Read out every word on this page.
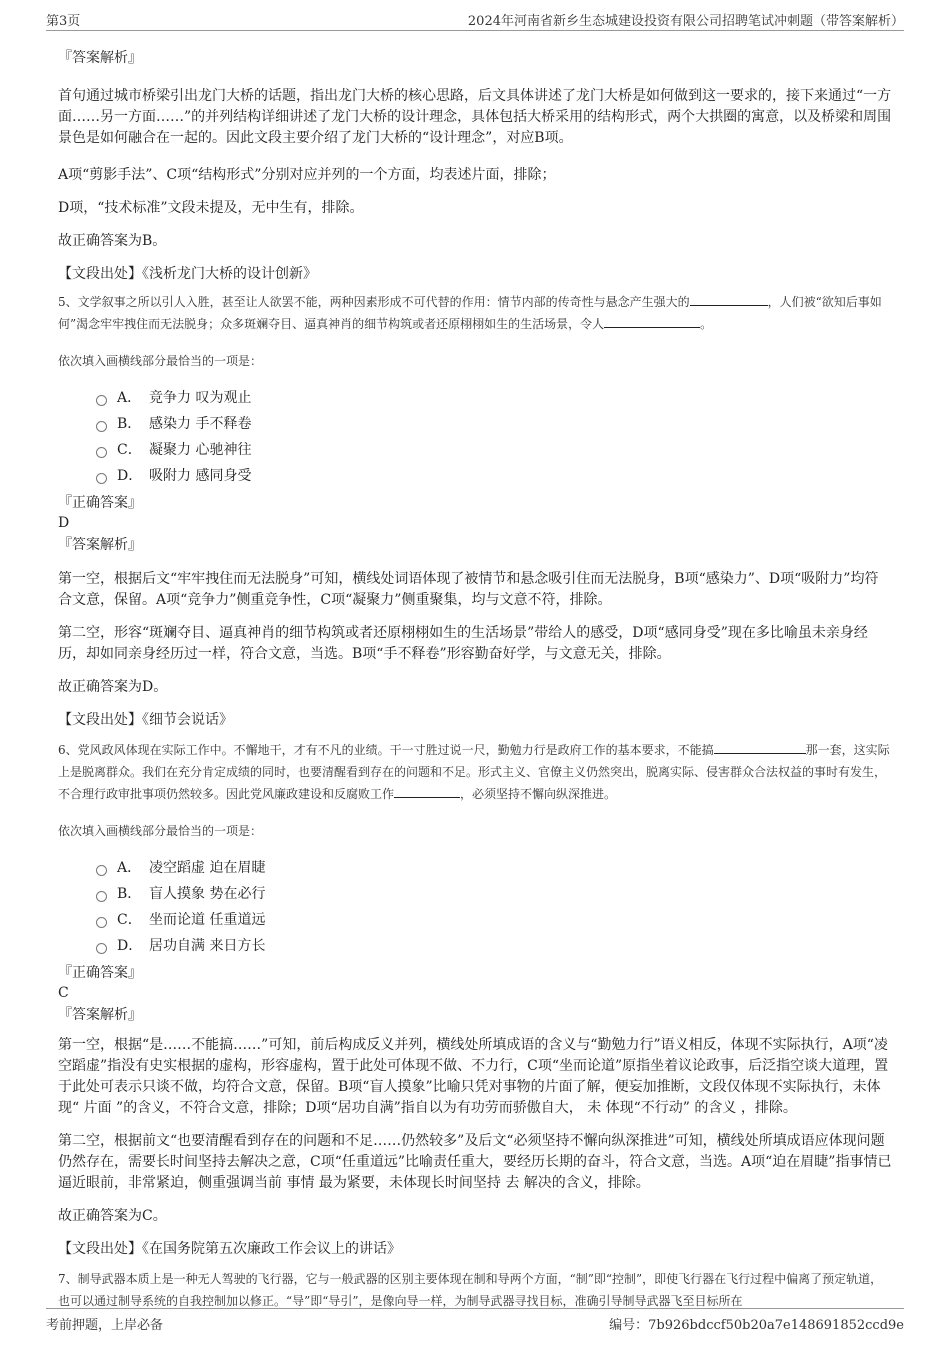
第3页	2024年河南省新乡生态城建设投资有限公司招聘笔试冲刺题（带答案解析）
『答案解析』

首句通过城市桥梁引出龙门大桥的话题，指出龙门大桥的核心思路，后文具体讲述了龙门大桥是如何做到这一要求的，接下来通过“一方面……另一方面……”的并列结构详细讲述了龙门大桥的设计理念，具体包括大桥采用的结构形式，两个大拱圈的寓意，以及桥梁和周围景色是如何融合在一起的。因此文段主要介绍了龙门大桥的“设计理念”，对应B项。

A项“剪影手法”、C项“结构形式”分别对应并列的一个方面，均表述片面，排除；

D项，“技术标准”文段未提及，无中生有，排除。

故正确答案为B。

【文段出处】《浅析龙门大桥的设计创新》

5、文学叙事之所以引人入胜，甚至让人欲罢不能，两种因素形成不可代替的作用：情节内部的传奇性与悬念产生强大的	，人们被“欲知后事如何”渴念牢牢拽住而无法脱身；众多斑斓夺目、逼真神肖的细节构筑或者还原栩栩如生的生活场景，令人	。

依次填入画横线部分最恰当的一项是：

A． 竞争力 叹为观止
B． 感染力 手不释卷
C． 凝聚力 心驰神往
D． 吸附力 感同身受
『正确答案』
D
『答案解析』

第一空，根据后文“牢牢拽住而无法脱身”可知，横线处词语体现了被情节和悬念吸引住而无法脱身，B项“感染力”、D项“吸附力”均符合文意，保留。A项“竞争力”侧重竞争性，C项“凝聚力”侧重聚集，均与文意不符，排除。

第二空，形容“斑斓夺目、逼真神肖的细节构筑或者还原栩栩如生的生活场景”带给人的感受，D项“感同身受”现在多比喻虽未亲身经历，却如同亲身经历过一样，符合文意，当选。B项“手不释卷”形容勤奋好学，与文意无关，排除。

故正确答案为D。

【文段出处】《细节会说话》

6、党风政风体现在实际工作中。不懈地干，才有不凡的业绩。干一寸胜过说一尺，勤勉力行是政府工作的基本要求，不能搞	那一套，这实际上是脱离群众。我们在充分肯定成绩的同时，也要清醒看到存在的问题和不足。形式主义、官僚主义仍然突出，脱离实际、侵害群众合法权益的事时有发生，不合理行政审批事项仍然较多。因此党风廉政建设和反腐败工作	，必须坚持不懈向纵深推进。

依次填入画横线部分最恰当的一项是：

A． 凌空蹈虚 迫在眉睫
B． 盲人摸象 势在必行
C． 坐而论道 任重道远
D． 居功自满 来日方长
『正确答案』
C
『答案解析』

第一空，根据“是……不能搞……”可知，前后构成反义并列，横线处所填成语的含义与“勤勉力行”语义相反，体现不实际执行，A项“凌空蹈虚”指没有史实根据的虚构，形容虚构，置于此处可体现不做、不力行，C项“坐而论道”原指坐着议论政事，后泛指空谈大道理，置于此处可表示只谈不做，均符合文意，保留。B项“盲人摸象”比喻只凭对事物的片面了解，便妄加推断，文段仅体现不实际执行，未体现“ 片面 ”的含义，不符合文意，排除；D项“居功自满”指自以为有功劳而骄傲自大， 未 体现“不行动” 的含义 ，排除。

第二空，根据前文“也要清醒看到存在的问题和不足……仍然较多”及后文“必须坚持不懈向纵深推进”可知，横线处所填成语应体现问题仍然存在，需要长时间坚持去解决之意，C项“任重道远”比喻责任重大，要经历长期的奋斗，符合文意，当选。A项“迫在眉睫”指事情已逼近眼前，非常紧迫，侧重强调当前 事情 最为紧要，未体现长时间坚持 去 解决的含义，排除。

故正确答案为C。

【文段出处】《在国务院第五次廉政工作会议上的讲话》

7、制导武器本质上是一种无人驾驶的飞行器，它与一般武器的区别主要体现在制和导两个方面，“制”即“控制”，即使飞行器在飞行过程中偏离了预定轨道，也可以通过制导系统的自我控制加以修正。“导”即“导引”，是像向导一样，为制导武器寻找目标，准确引导制导武器飞至目标所在

考前押题，上岸必备	编号：7b926bdccf50b20a7e148691852ccd9e
